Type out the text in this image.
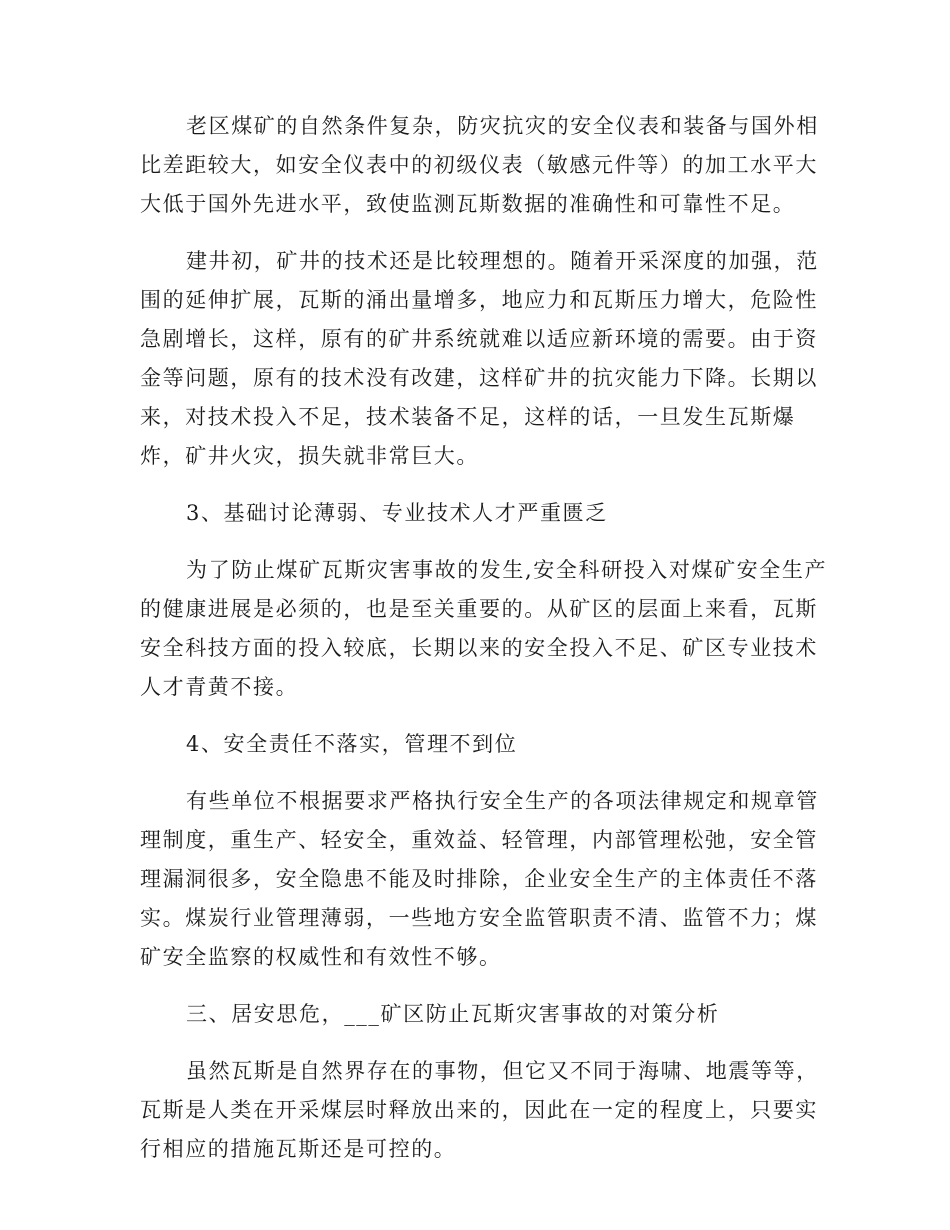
老区煤矿的自然条件复杂，防灾抗灾的安全仪表和装备与国外相
比差距较大，如安全仪表中的初级仪表（敏感元件等）的加工水平大
大低于国外先进水平，致使监测瓦斯数据的准确性和可靠性不足。
建井初，矿井的技术还是比较理想的。随着开采深度的加强，范
围的延伸扩展，瓦斯的涌出量增多，地应力和瓦斯压力增大，危险性
急剧增长，这样，原有的矿井系统就难以适应新环境的需要。由于资
金等问题，原有的技术没有改建，这样矿井的抗灾能力下降。长期以
来，对技术投入不足，技术装备不足，这样的话，一旦发生瓦斯爆
炸，矿井火灾，损失就非常巨大。
3、基础讨论薄弱、专业技术人才严重匮乏
为了防止煤矿瓦斯灾害事故的发生,安全科研投入对煤矿安全生产
的健康进展是必须的，也是至关重要的。从矿区的层面上来看，瓦斯
安全科技方面的投入较底，长期以来的安全投入不足、矿区专业技术
人才青黄不接。
4、安全责任不落实，管理不到位
有些单位不根据要求严格执行安全生产的各项法律规定和规章管
理制度，重生产、轻安全，重效益、轻管理，内部管理松弛，安全管
理漏洞很多，安全隐患不能及时排除，企业安全生产的主体责任不落
实。煤炭行业管理薄弱，一些地方安全监管职责不清、监管不力；煤
矿安全监察的权威性和有效性不够。
三、居安思危，___矿区防止瓦斯灾害事故的对策分析
虽然瓦斯是自然界存在的事物，但它又不同于海啸、地震等等，
瓦斯是人类在开采煤层时释放出来的，因此在一定的程度上，只要实
行相应的措施瓦斯还是可控的。
